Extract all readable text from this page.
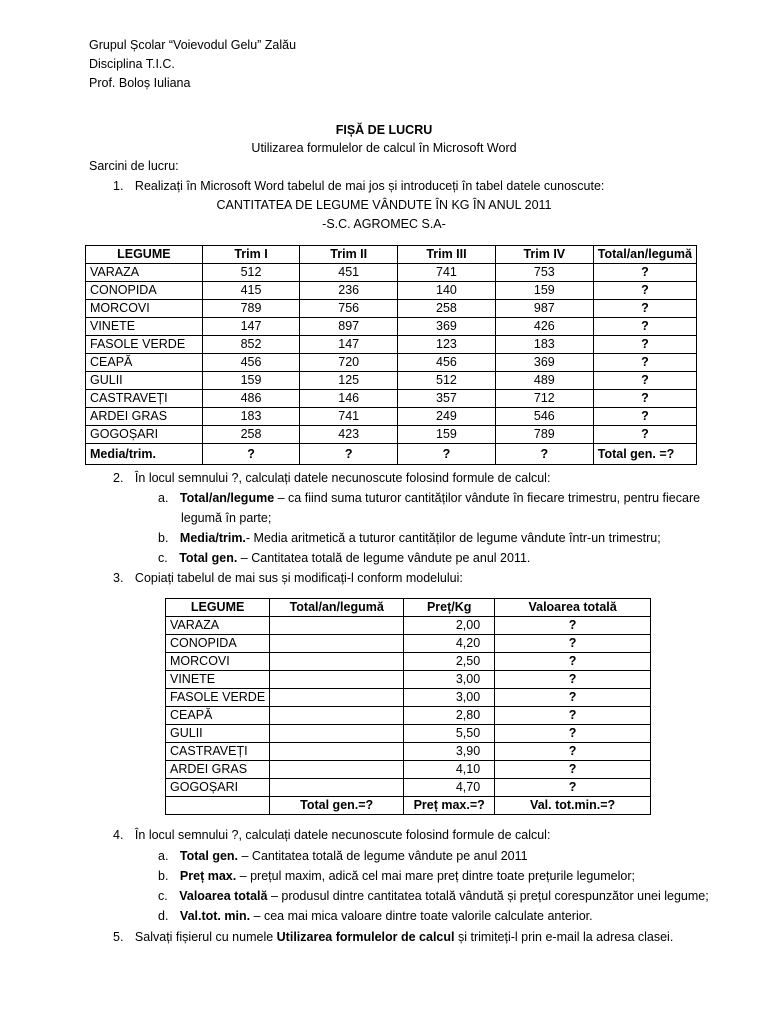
Grupul Școlar “Voievodul Gelu” Zalău
Disciplina T.I.C.
Prof. Boloș Iuliana
FIȘĂ DE LUCRU
Utilizarea formulelor de calcul în Microsoft Word
Sarcini de lucru:
1. Realizați în Microsoft Word tabelul de mai jos și introduceți în tabel datele cunoscute:
CANTITATEA DE LEGUME VÂNDUTE ÎN KG ÎN ANUL 2011
-S.C. AGROMEC S.A-
LEGUME	Trim I	Trim II	Trim III	Trim IV	Total/an/legumă
VARAZA	512	451	741	753	?
CONOPIDA	415	236	140	159	?
MORCOVI	789	756	258	987	?
VINETE	147	897	369	426	?
FASOLE VERDE	852	147	123	183	?
CEAPĂ	456	720	456	369	?
GULII	159	125	512	489	?
CASTRAVEȚI	486	146	357	712	?
ARDEI GRAS	183	741	249	546	?
GOGOȘARI	258	423	159	789	?
Media/trim.	?	?	?	?	Total gen. =?
2. În locul semnului ?, calculați datele necunoscute folosind formule de calcul:
a. Total/an/legume – ca fiind suma tuturor cantităților vândute în fiecare trimestru, pentru fiecare
legumă în parte;
b. Media/trim.- Media aritmetică a tuturor cantităților de legume vândute într-un trimestru;
c. Total gen. – Cantitatea totală de legume vândute pe anul 2011.
3. Copiați tabelul de mai sus și modificați-l conform modelului:
LEGUME	Total/an/legumă	Preț/Kg	Valoarea totală
VARAZA		2,00	?
CONOPIDA		4,20	?
MORCOVI		2,50	?
VINETE		3,00	?
FASOLE VERDE		3,00	?
CEAPĂ		2,80	?
GULII		5,50	?
CASTRAVEȚI		3,90	?
ARDEI GRAS		4,10	?
GOGOȘARI		4,70	?
	Total gen.=?	Preț max.=?	Val. tot.min.=?
4. În locul semnului ?, calculați datele necunoscute folosind formule de calcul:
a. Total gen. – Cantitatea totală de legume vândute pe anul 2011
b. Preț max. – prețul maxim, adică cel mai mare preț dintre toate prețurile legumelor;
c. Valoarea totală – produsul dintre cantitatea totală vândută și prețul corespunzător unei legume;
d. Val.tot. min. – cea mai mica valoare dintre toate valorile calculate anterior.
5. Salvați fișierul cu numele Utilizarea formulelor de calcul și trimiteți-l prin e-mail la adresa clasei.
